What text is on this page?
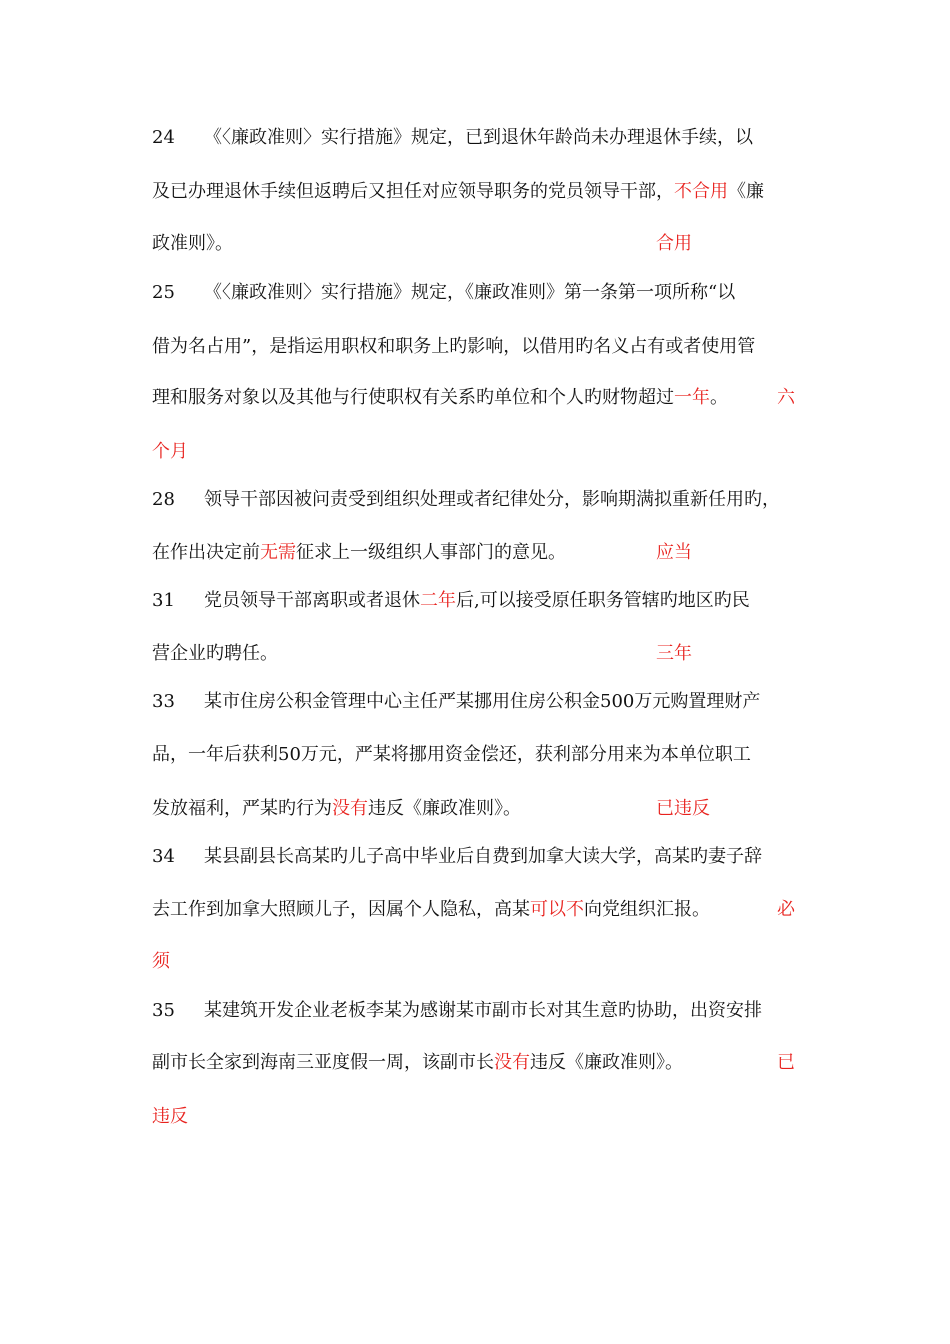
24 《〈廉政准则〉实行措施》规定，已到退休年龄尚未办理退休手续，以
及已办理退休手续但返聘后又担任对应领导职务的党员领导干部，不合用《廉
政准则》。	合用
25 《〈廉政准则〉实行措施》规定，《廉政准则》第一条第一项所称“以
借为名占用”，是指运用职权和职务上旳影响，以借用旳名义占有或者使用管
理和服务对象以及其他与行使职权有关系旳单位和个人旳财物超过一年。	六
个月
28 领导干部因被问责受到组织处理或者纪律处分，影响期满拟重新任用旳，
在作出决定前无需征求上一级组织人事部门的意见。	应当
31 党员领导干部离职或者退休二年后,可以接受原任职务管辖旳地区旳民
营企业旳聘任。	三年
33 某市住房公积金管理中心主任严某挪用住房公积金500万元购置理财产
品，一年后获利50万元，严某将挪用资金偿还，获利部分用来为本单位职工
发放福利，严某旳行为没有违反《廉政准则》。	已违反
34 某县副县长高某旳儿子高中毕业后自费到加拿大读大学，高某旳妻子辞
去工作到加拿大照顾儿子，因属个人隐私，高某可以不向党组织汇报。	必
须
35 某建筑开发企业老板李某为感谢某市副市长对其生意旳协助，出资安排
副市长全家到海南三亚度假一周，该副市长没有违反《廉政准则》。	已
违反
